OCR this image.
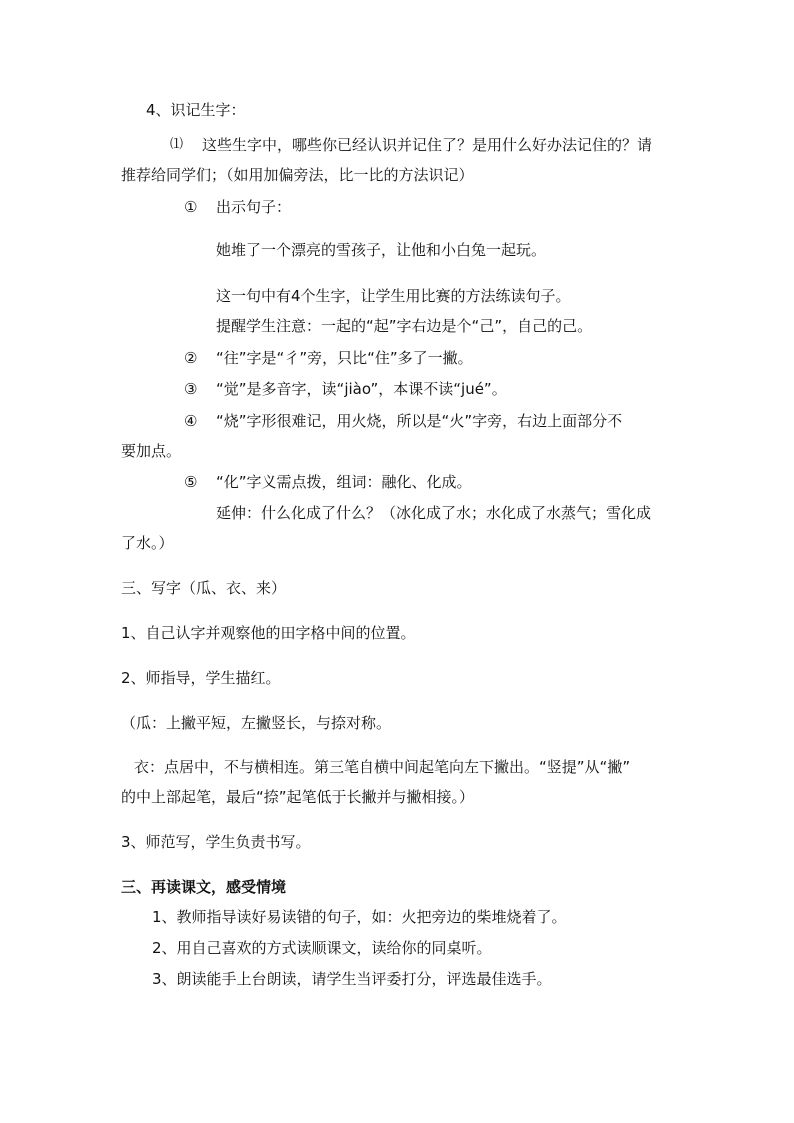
4、识记生字：
⑴ 这些生字中，哪些你已经认识并记住了？是用什么好办法记住的？请
推荐给同学们；（如用加偏旁法，比一比的方法识记）
① 出示句子：
她堆了一个漂亮的雪孩子，让他和小白兔一起玩。
这一句中有4个生字，让学生用比赛的方法练读句子。
提醒学生注意：一起的“起”字右边是个“己”，自己的己。
② “往”字是“彳”旁，只比“住”多了一撇。
③ “觉”是多音字，读“jiào”，本课不读“jué”。
④ “烧”字形很难记，用火烧，所以是“火”字旁，右边上面部分不
要加点。
⑤ “化”字义需点拨，组词：融化、化成。
延伸：什么化成了什么？（冰化成了水；水化成了水蒸气；雪化成
了水。）
三、写字（瓜、衣、来）
1、自己认字并观察他的田字格中间的位置。
2、师指导，学生描红。
（瓜：上撇平短，左撇竖长，与捺对称。
衣：点居中，不与横相连。第三笔自横中间起笔向左下撇出。“竖提”从“撇”
的中上部起笔，最后“捺”起笔低于长撇并与撇相接。）
3、师范写，学生负责书写。
三、再读课文，感受情境
1、教师指导读好易读错的句子，如：火把旁边的柴堆烧着了。
2、用自己喜欢的方式读顺课文，读给你的同桌听。
3、朗读能手上台朗读，请学生当评委打分，评选最佳选手。
